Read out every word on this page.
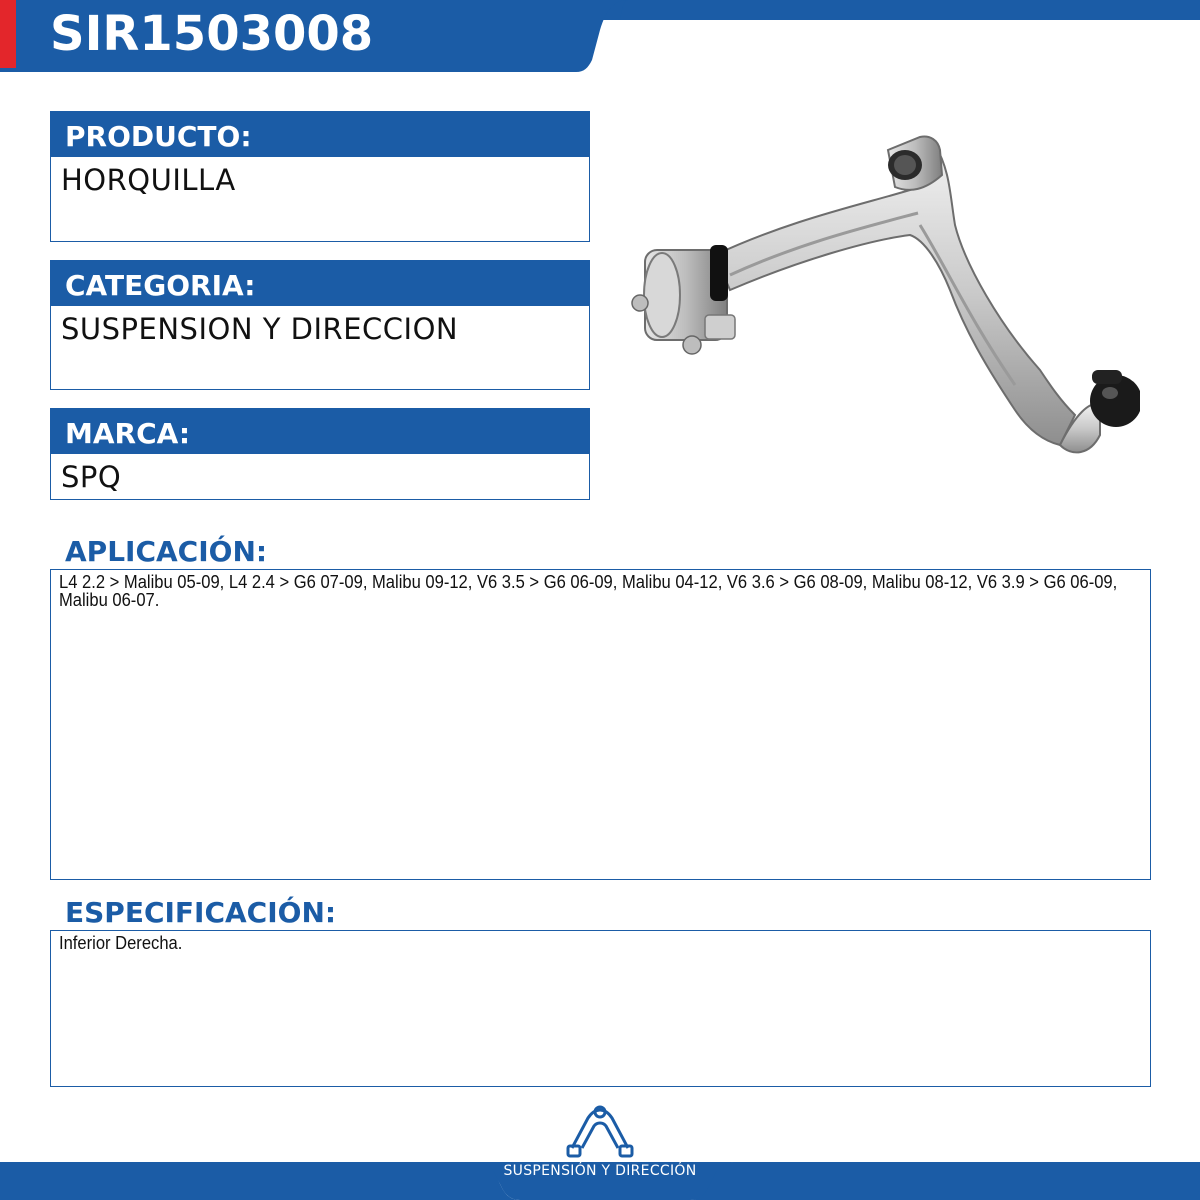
SIR1503008
PRODUCTO:
HORQUILLA
CATEGORIA:
SUSPENSION Y DIRECCION
MARCA:
SPQ
APLICACIÓN:
L4 2.2 > Malibu 05-09, L4 2.4 > G6 07-09, Malibu 09-12, V6 3.5 > G6 06-09, Malibu 04-12, V6 3.6 > G6 08-09, Malibu 08-12, V6 3.9 > G6 06-09, Malibu 06-07.
ESPECIFICACIÓN:
Inferior Derecha.
SUSPENSIÓN Y DIRECCIÓN
